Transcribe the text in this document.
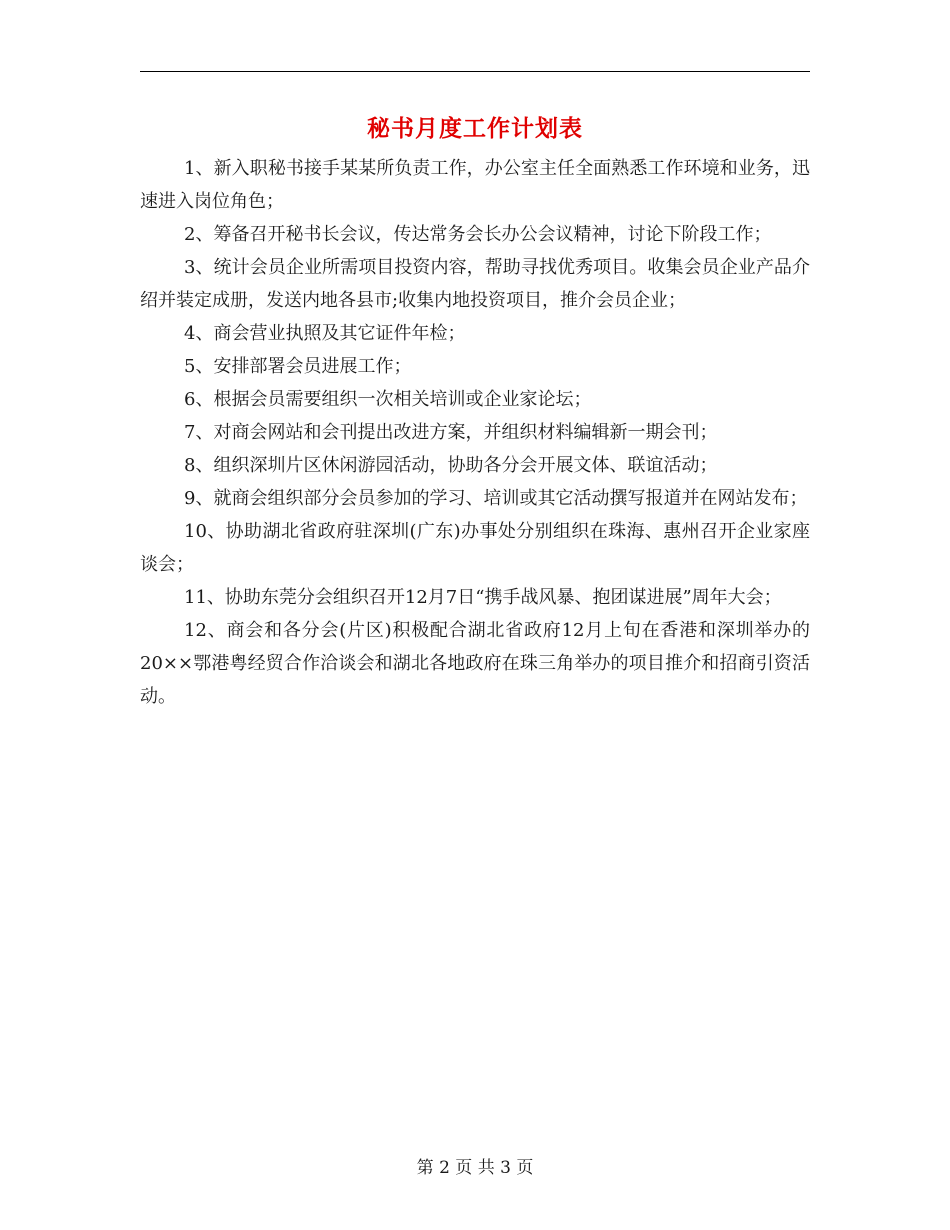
秘书月度工作计划表

1、新入职秘书接手某某所负责工作，办公室主任全面熟悉工作环境和业务，迅速进入岗位角色；

2、筹备召开秘书长会议，传达常务会长办公会议精神，讨论下阶段工作；

3、统计会员企业所需项目投资内容，帮助寻找优秀项目。收集会员企业产品介绍并装定成册，发送内地各县市;收集内地投资项目，推介会员企业；

4、商会营业执照及其它证件年检；

5、安排部署会员进展工作；

6、根据会员需要组织一次相关培训或企业家论坛；

7、对商会网站和会刊提出改进方案，并组织材料编辑新一期会刊；

8、组织深圳片区休闲游园活动，协助各分会开展文体、联谊活动；

9、就商会组织部分会员参加的学习、培训或其它活动撰写报道并在网站发布；

10、协助湖北省政府驻深圳(广东)办事处分别组织在珠海、惠州召开企业家座谈会；

11、协助东莞分会组织召开12月7日“携手战风暴、抱团谋进展”周年大会；

12、商会和各分会(片区)积极配合湖北省政府12月上旬在香港和深圳举办的20××鄂港粤经贸合作洽谈会和湖北各地政府在珠三角举办的项目推介和招商引资活动。

第 2 页 共 3 页
